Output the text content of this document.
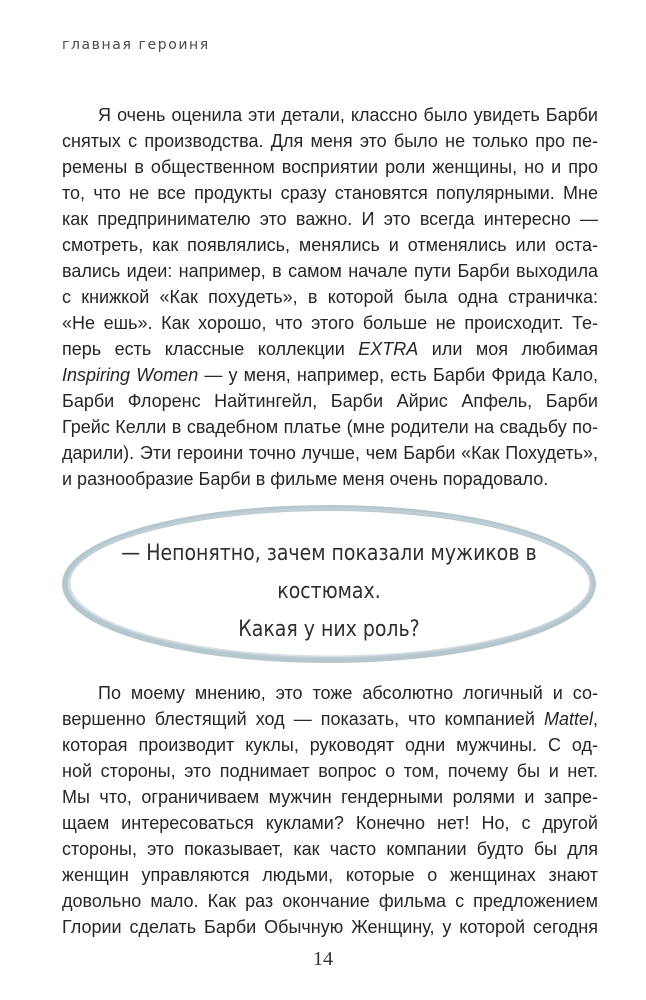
главная героиня
Я очень оценила эти детали, классно было увидеть Барби
снятых с производства. Для меня это было не только про пе-
ремены в общественном восприятии роли женщины, но и про
то, что не все продукты сразу становятся популярными. Мне
как предпринимателю это важно. И это всегда интересно —
смотреть, как появлялись, менялись и отменялись или оста-
вались идеи: например, в самом начале пути Барби выходила
с книжкой «Как похудеть», в которой была одна страничка:
«Не ешь». Как хорошо, что этого больше не происходит. Те-
перь есть классные коллекции EXTRA или моя любимая
Inspiring Women — у меня, например, есть Барби Фрида Кало,
Барби Флоренс Найтингейл, Барби Айрис Апфель, Барби
Грейс Келли в свадебном платье (мне родители на свадьбу по-
дарили). Эти героини точно лучше, чем Барби «Как Похудеть»,
и разнообразие Барби в фильме меня очень порадовало.
— Непонятно, зачем показали мужиков в костюмах.
Какая у них роль?
По моему мнению, это тоже абсолютно логичный и со-
вершенно блестящий ход — показать, что компанией Mattel,
которая производит куклы, руководят одни мужчины. С од-
ной стороны, это поднимает вопрос о том, почему бы и нет.
Мы что, ограничиваем мужчин гендерными ролями и запре-
щаем интересоваться куклами? Конечно нет! Но, с другой
стороны, это показывает, как часто компании будто бы для
женщин управляются людьми, которые о женщинах знают
довольно мало. Как раз окончание фильма с предложением
Глории сделать Барби Обычную Женщину, у которой сегодня
14
